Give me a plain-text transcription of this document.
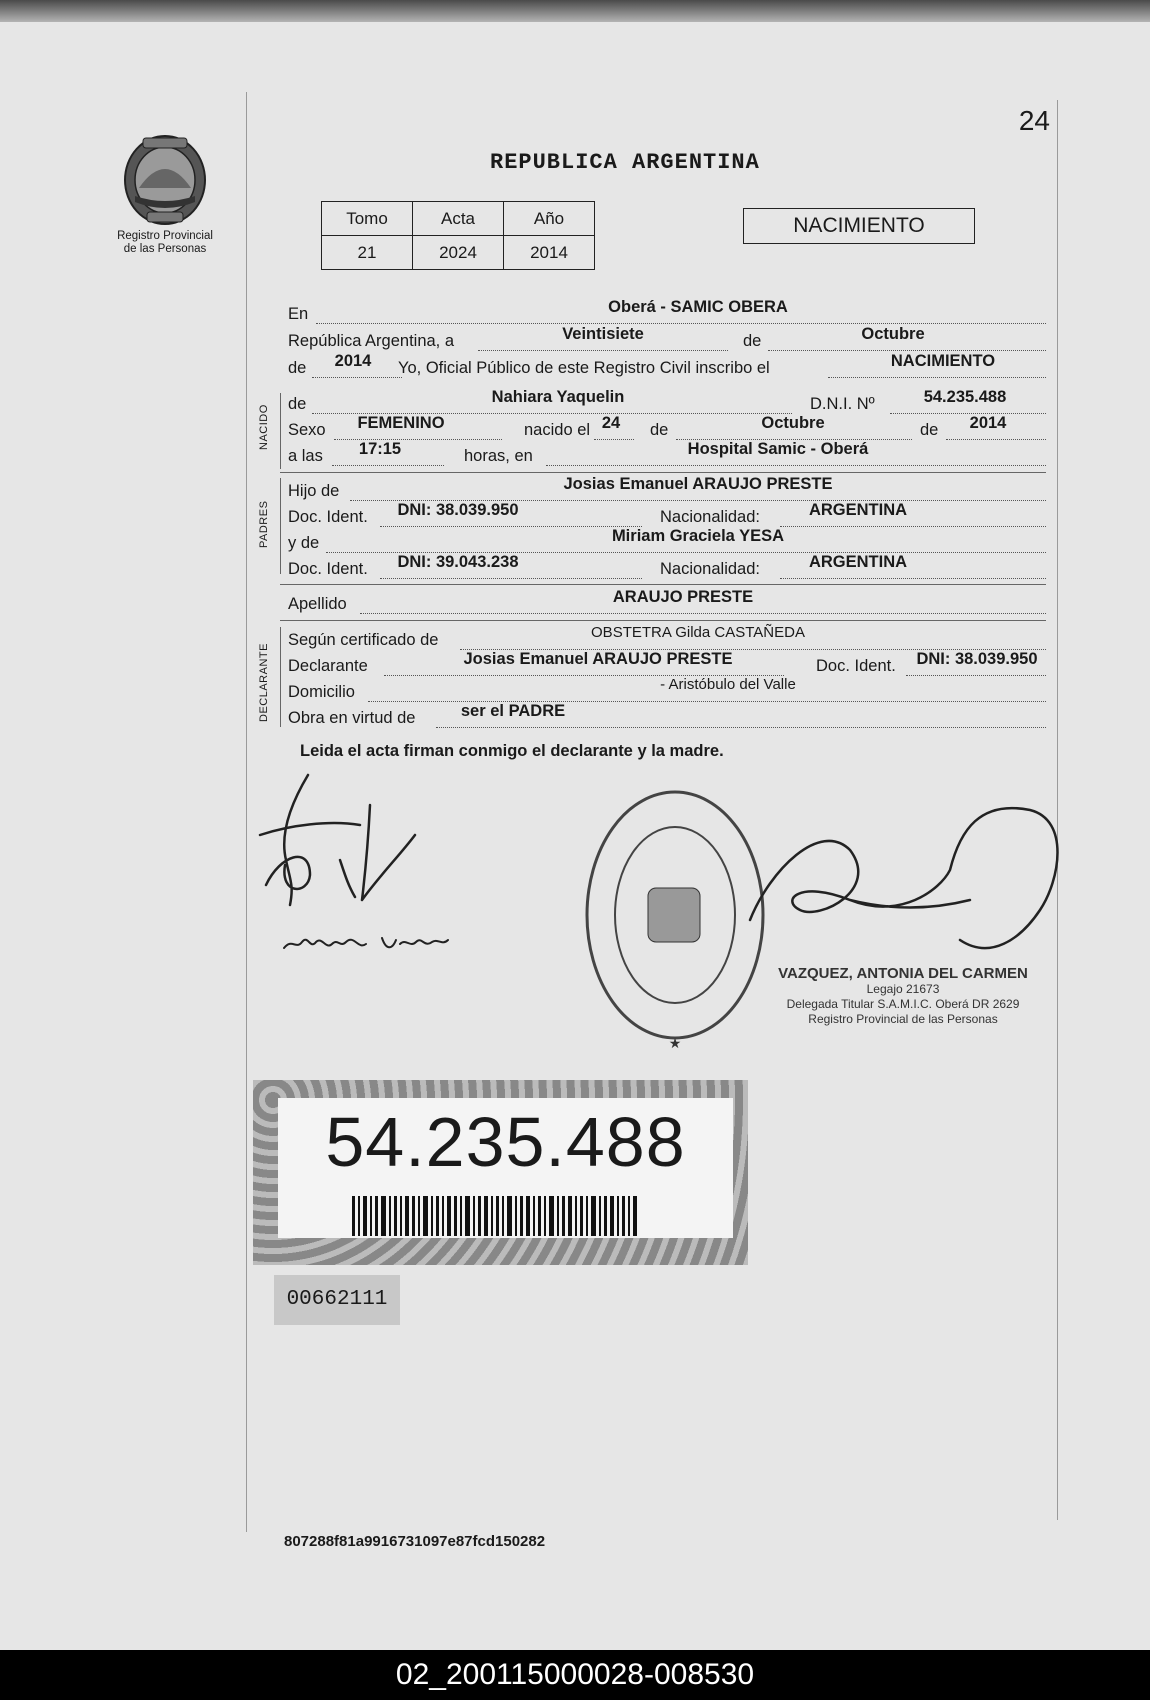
24
Registro Provincial
de las Personas
REPUBLICA ARGENTINA
Tomo	Acta	Año
21	2024	2014
NACIMIENTO
En	Oberá - SAMIC OBERA
República Argentina, a	Veintisiete	de	Octubre
de	2014	Yo, Oficial Público de este Registro Civil inscribo el	NACIMIENTO
NACIDO
de	Nahiara Yaquelin	D.N.I. Nº	54.235.488
Sexo	FEMENINO	nacido el 24	de	Octubre	de	2014
a las	17:15	horas, en	Hospital Samic - Oberá
PADRES
Hijo de	Josias Emanuel ARAUJO PRESTE
Doc. Ident.	DNI: 38.039.950	Nacionalidad:	ARGENTINA
y de	Miriam Graciela YESA
Doc. Ident.	DNI: 39.043.238	Nacionalidad:	ARGENTINA
Apellido	ARAUJO PRESTE
DECLARANTE
Según certificado de	OBSTETRA Gilda CASTAÑEDA
Declarante	Josias Emanuel ARAUJO PRESTE	Doc. Ident.	DNI: 38.039.950
Domicilio	- Aristóbulo del Valle
Obra en virtud de	ser el PADRE
Leida el acta firman conmigo el declarante y la madre.
★
VAZQUEZ, ANTONIA DEL CARMEN
Legajo 21673
Delegada Titular S.A.M.I.C. Oberá DR 2629
Registro Provincial de las Personas
54.235.488
00662111
807288f81a9916731097e87fcd150282
02_200115000028-008530
